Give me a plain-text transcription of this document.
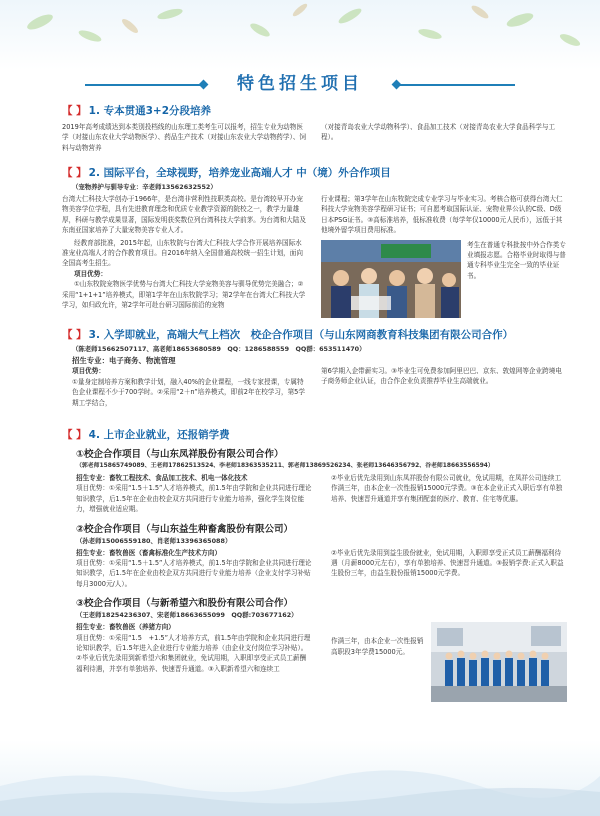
特色招生项目
【 】 1. 专本贯通3+2分段培养
2019年高考成绩达到本类别投档线的山东理工类考生可以报考，招生专业为动物医学（对接山东农业大学动物医学）、药品生产技术（对接山东农业大学动物药学）、饲料与动物营养
（对接青岛农业大学动物科学）、食品加工技术（对接青岛农业大学食品科学与工程）。
【 】 2. 国际平台，全球视野，培养宠业高端人才 中（境）外合作项目
（宠物养护与驯导专业：辛老师13562632552）
台湾大仁科技大学创办于1966年，是台湾非营利性技职类高校。是台湾较早开办宠物美容学位学程，具有先进教育理念和优质专业教学资源的院校之一，教学力量雄厚，科研与教学成果显著，国际发明获奖数位列台湾科技大学前茅。为台湾和大陆及东南亚国家培养了大量宠物美容专业人才。
经教育部批准，2015年起，山东牧院与台湾大仁科技大学合作开展培养国际水准宠业高端人才的合作教育项目。自2016年纳入全国普通高校统一招生计划，面向全国高考生招生。
项目优势：
①山东牧院宠物医学优势与台湾大仁科技大学宠物美容与驯导优势完美融合；②采用“1+1+1”培养模式，即第1学年在山东牧院学习；第2学年在台湾大仁科技大学学习，如归政允许，第2学年可赴台研习国际前沿的宠物
行业课程；第3学年在山东牧院完成专业学习与毕业实习。考核合格可获得台湾大仁科技大学宠物美容学程研习证书；可自愿考取国际认证、宠物业界公认的C级、D级日本PSG证书。③高标准培养，低标准收费（每学年仅10000元人民币），远低于其他境外留学项目费用标准。
考生在普通专科批按中外合作类专业填报志愿。合格毕业时取得与普通专科毕业生完全一致的毕业证书。
【 】 3. 入学即就业，高端大气上档次　校企合作项目（与山东网商教育科技集团有限公司合作）
（陈老师15662507117、高老师18653680589　QQ：1286588559　QQ群：653511470）
招生专业：电子商务、物流管理
项目优势：
①量身定制培养方案和教学计划，融入40%的企业课程，一线专家授课，专属特色企业课程不少于700学时。②采用“2＋n”培养模式，即前2年在校学习，第5学期工学结合，
第6学期入企带薪实习。③毕业生可免费参加阿里巴巴、京东、敦煌网等企业跨境电子商务师企业认证，由合作企业负责推荐毕业生高端就业。
【 】 4. 上市企业就业，还报销学费
①校企合作项目（与山东凤祥股份有限公司合作）
（郭老师15865749089、王老师17862513524、李老师18363535211、郭老师13869526234、张老师13646356792、谷老师18663556594）
招生专业：畜牧工程技术、食品加工技术、机电一体化技术
项目优势：①采用“1.5＋1.5”人才培养模式，前1.5年由学院和企业共同进行理论知识教学，后1.5年在企业由校企双方共同进行专业能力培养，强化学生岗位能力，增强就业适应期。
②毕业后优先录用到山东凤祥股份有限公司就业，免试用期，在凤祥公司连续工作满三年，由本企业一次性报销15000元学费。③在本企业正式入职后享有单独培养、快速晋升通道并享有集团配套的医疗、教育、住宅等优惠。
②校企合作项目（与山东益生种畜禽股份有限公司）
（孙老师15006559180、肖老师13396365088）
招生专业：畜牧兽医（畜禽标准化生产技术方向）
项目优势：①采用“1.5＋1.5”人才培养模式，前1.5年由学院和企业共同进行理论知识教学，后1.5年在企业由校企双方共同进行专业能力培养（企业支付学习补贴每月3000元/人）。
②毕业后优先录用到益生股份就业，免试用期，入职即享受正式员工薪酬福利待遇（月薪8000元左右），享有单独培养、快速晋升通道。③报销学费:正式入职益生股份三年，由益生股份报销15000元学费。
③校企合作项目（与新希望六和股份有限公司合作）
（王老师18254236307、宋老师18663655099　QQ群:703677162）
招生专业：畜牧兽医（养猪方向）
项目优势：①采用“1.5　+1.5”人才培养方式，前1.5年由学院和企业共同进行理论知识教学，后1.5年进入企业进行专业能力培养（由企业支付岗位学习补贴）。②毕业后优先录用到新希望六和集团就业，免试用期，入职即享受正式员工薪酬福利待遇，并享有单独培养、快速晋升通道。③入职新希望六和连续工
作满三年，由本企业一次性报销高职段3年学费15000元。
